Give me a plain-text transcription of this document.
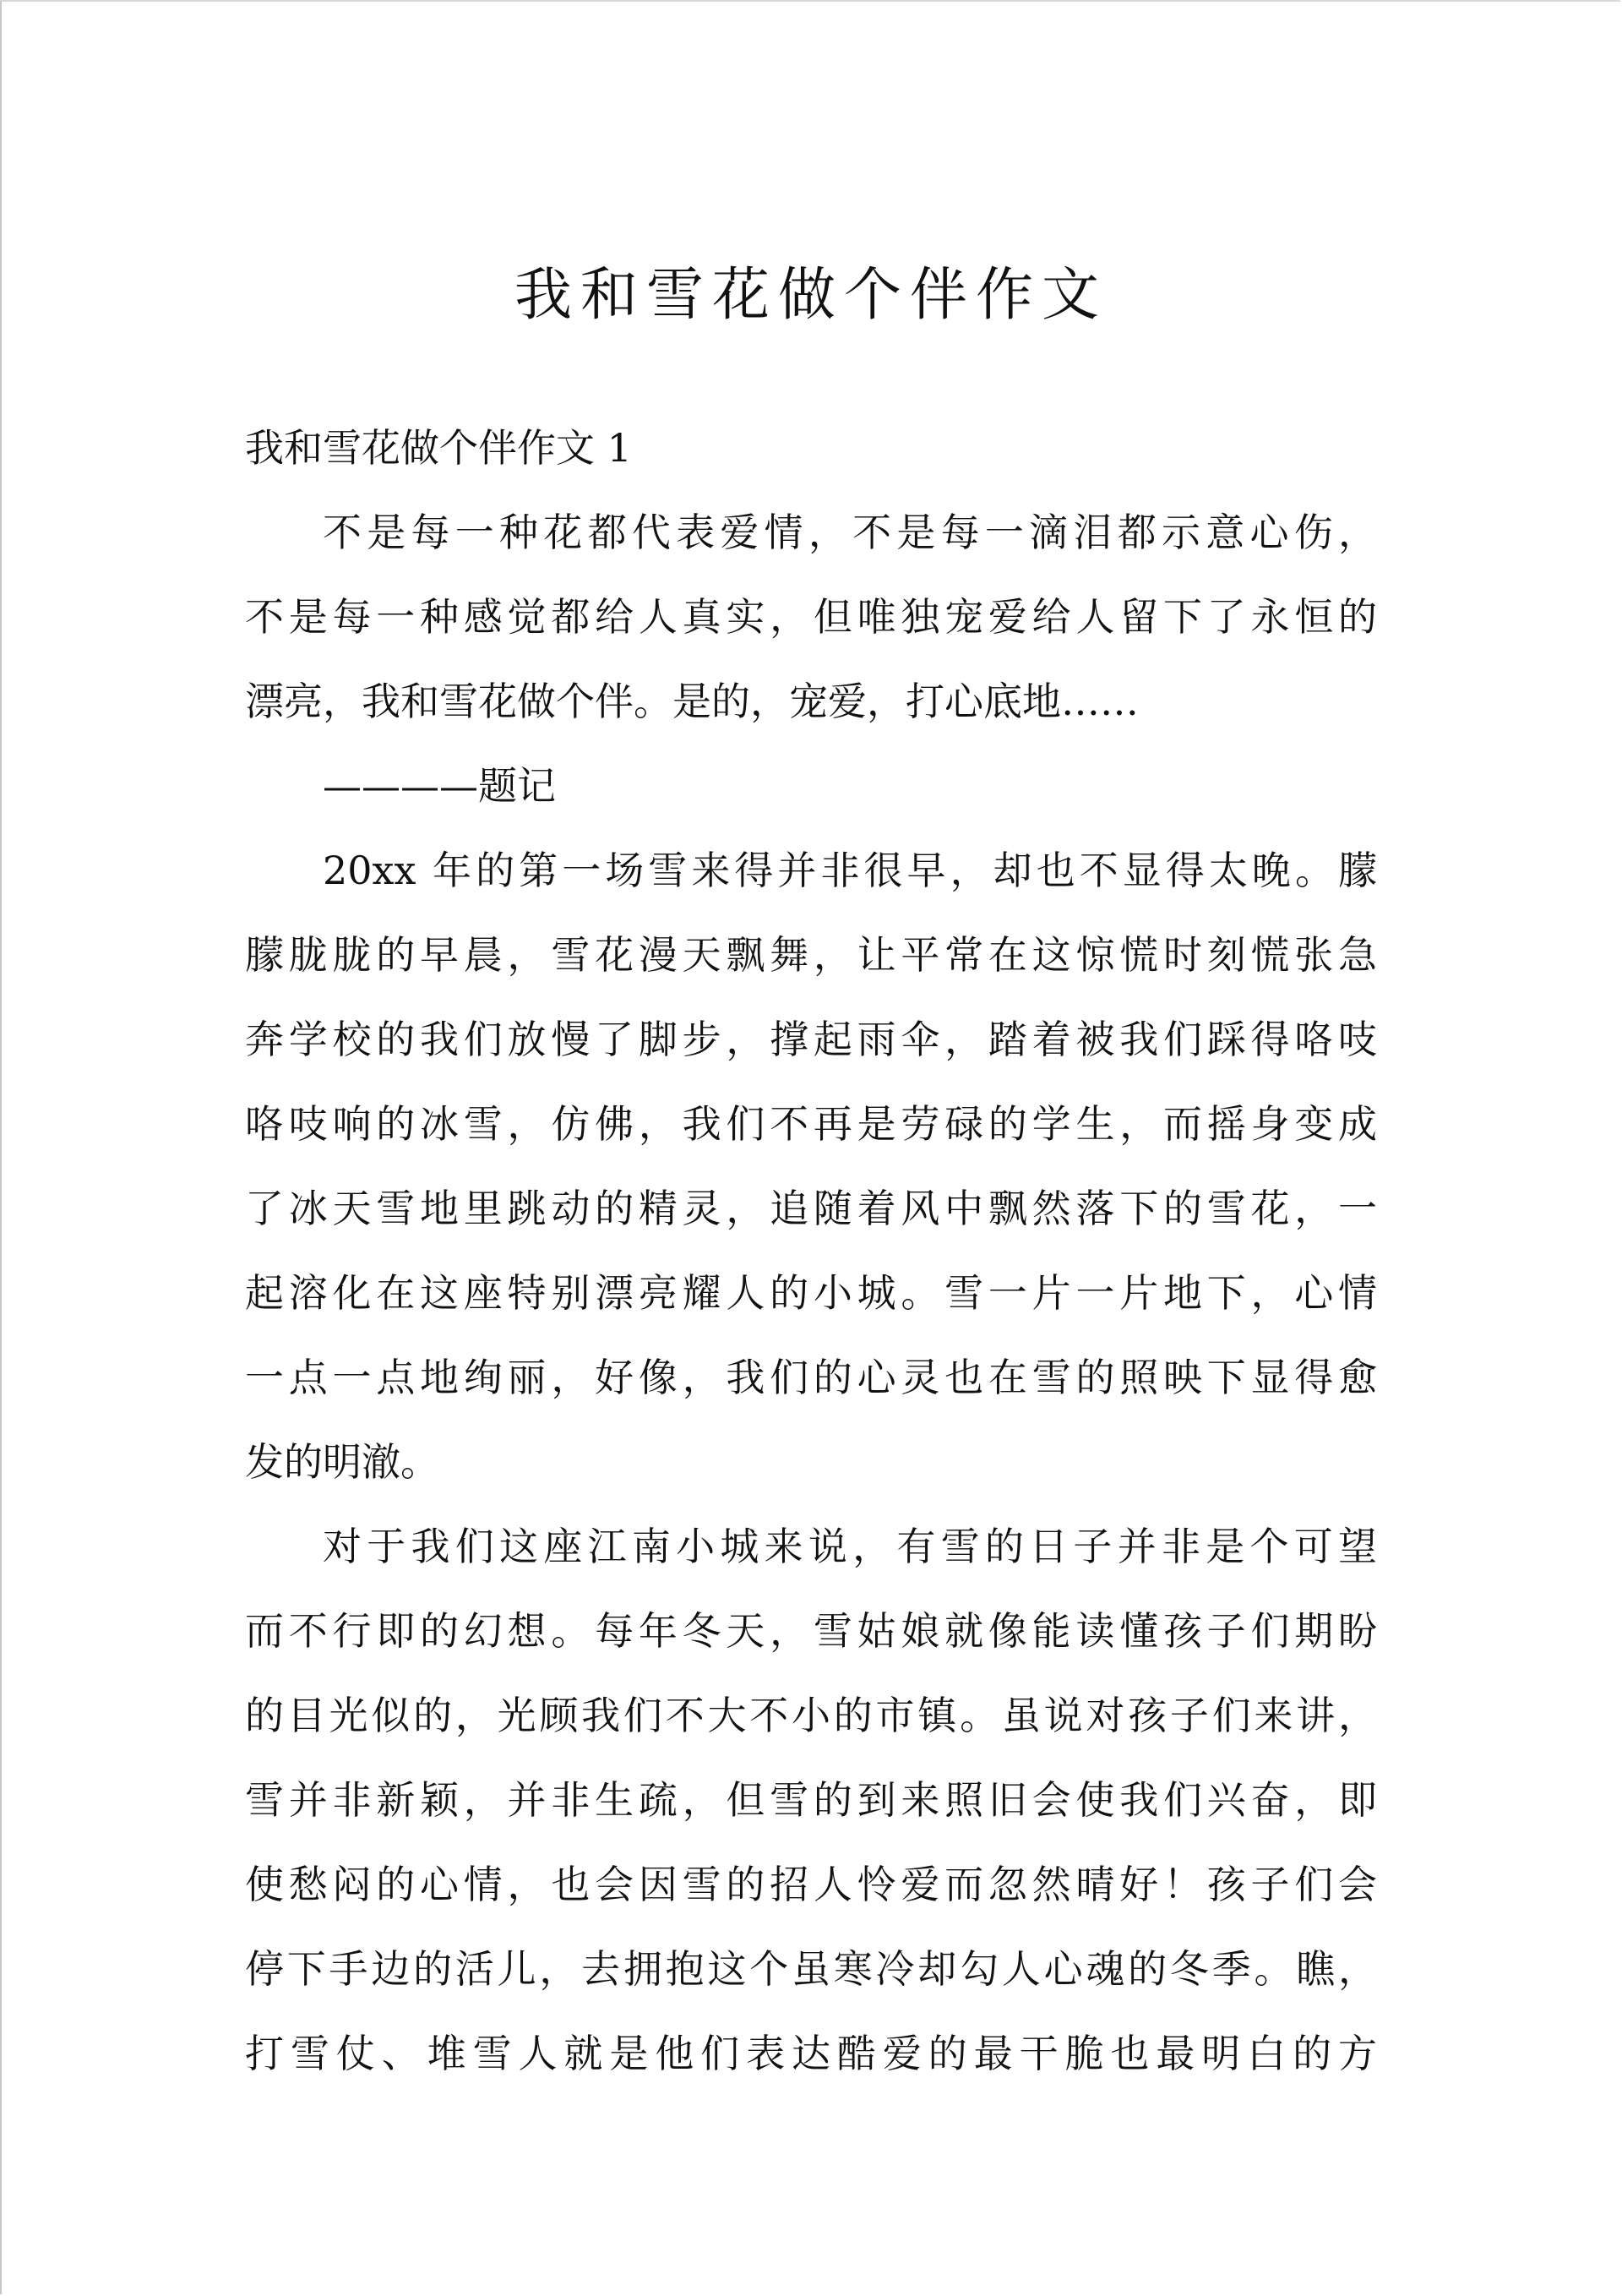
我和雪花做个伴作文
我和雪花做个伴作文 1
不是每一种花都代表爱情，不是每一滴泪都示意心伤，
不是每一种感觉都给人真实，但唯独宠爱给人留下了永恒的
漂亮，我和雪花做个伴。是的，宠爱，打心底地……
————题记
20xx 年的第一场雪来得并非很早，却也不显得太晚。朦
朦胧胧的早晨，雪花漫天飘舞，让平常在这惊慌时刻慌张急
奔学校的我们放慢了脚步，撑起雨伞，踏着被我们踩得咯吱
咯吱响的冰雪，仿佛，我们不再是劳碌的学生，而摇身变成
了冰天雪地里跳动的精灵，追随着风中飘然落下的雪花，一
起溶化在这座特别漂亮耀人的小城。雪一片一片地下，心情
一点一点地绚丽，好像，我们的心灵也在雪的照映下显得愈
发的明澈。
对于我们这座江南小城来说，有雪的日子并非是个可望
而不行即的幻想。每年冬天，雪姑娘就像能读懂孩子们期盼
的目光似的，光顾我们不大不小的市镇。虽说对孩子们来讲，
雪并非新颖，并非生疏，但雪的到来照旧会使我们兴奋，即
使愁闷的心情，也会因雪的招人怜爱而忽然晴好！孩子们会
停下手边的活儿，去拥抱这个虽寒冷却勾人心魂的冬季。瞧，
打雪仗、堆雪人就是他们表达酷爱的最干脆也最明白的方
